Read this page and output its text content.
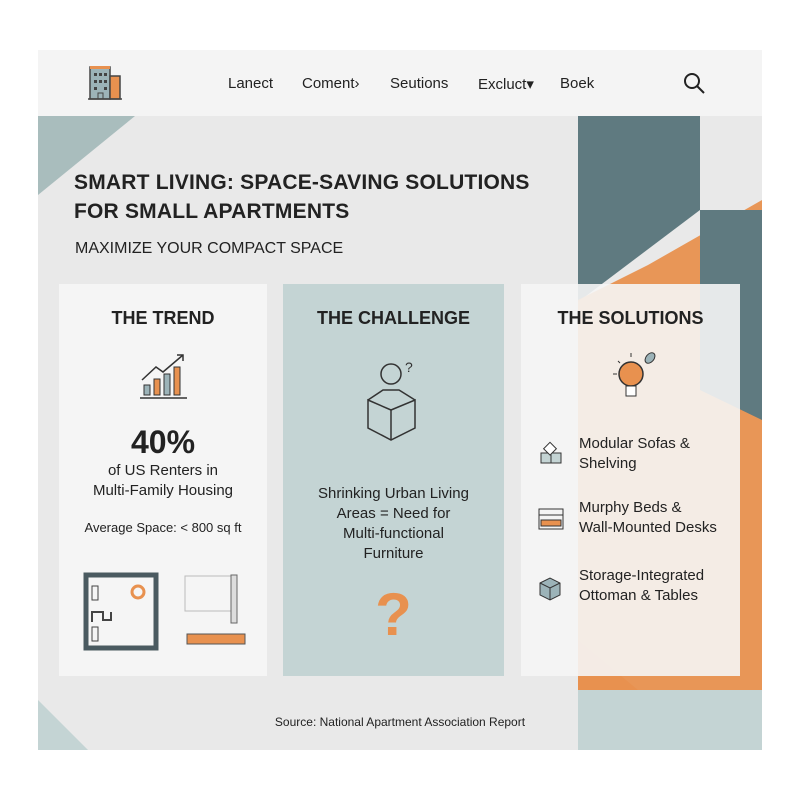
Lanect Coment› Seutions Excluct▾ Boek
SMART LIVING: SPACE-SAVING SOLUTIONS
FOR SMALL APARTMENTS
MAXIMIZE YOUR COMPACT SPACE
THE TREND
40%
of US Renters in
Multi-Family Housing
Average Space: < 800 sq ft
THE CHALLENGE
?
Shrinking Urban Living
Areas = Need for
Multi-functional
Furniture
?
THE SOLUTIONS
Modular Sofas &
Shelving
Murphy Beds &
Wall-Mounted Desks
Storage-Integrated
Ottoman & Tables
Source: National Apartment Association Report
